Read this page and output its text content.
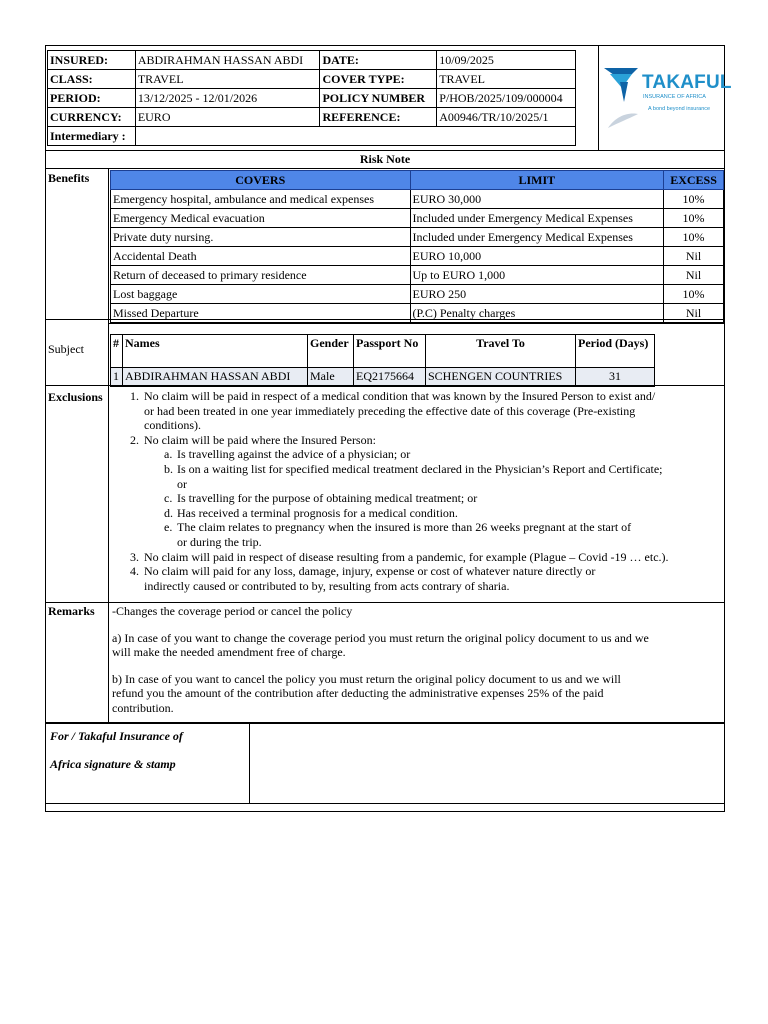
INSURED:	ABDIRAHMAN HASSAN ABDI	DATE:	10/09/2025
CLASS:	TRAVEL	COVER TYPE:	TRAVEL
PERIOD:	13/12/2025 - 12/01/2026	POLICY NUMBER	P/HOB/2025/109/000004
CURRENCY:	EURO	REFERENCE:	A00946/TR/10/2025/1
Intermediary :			
TAKAFUL
INSURANCE OF AFRICA
A bond beyond insurance
Risk Note
Benefits	COVERS	LIMIT	EXCESS
Emergency hospital, ambulance and medical expenses	EURO 30,000	10%
Emergency Medical evacuation	Included under Emergency Medical Expenses	10%
Private duty nursing.	Included under Emergency Medical Expenses	10%
Accidental Death	EURO 10,000	Nil
Return of deceased to primary residence	Up to EURO 1,000	Nil
Lost baggage	EURO 250	10%
Missed Departure	(P.C) Penalty charges	Nil
Subject #	Names	Gender	Passport No	Travel To	Period (Days)
1	ABDIRAHMAN HASSAN ABDI	Male	EQ2175664	SCHENGEN COUNTRIES	31
Exclusions 1. No claim will be paid in respect of a medical condition that was known by the Insured Person to exist and/
or had been treated in one year immediately preceding the effective date of this coverage (Pre-existing
conditions).
2. No claim will be paid where the Insured Person:
a. Is travelling against the advice of a physician; or
b. Is on a waiting list for specified medical treatment declared in the Physician’s Report and Certificate;
or
c. Is travelling for the purpose of obtaining medical treatment; or
d. Has received a terminal prognosis for a medical condition.
e. The claim relates to pregnancy when the insured is more than 26 weeks pregnant at the start of
or during the trip.
3. No claim will paid in respect of disease resulting from a pandemic, for example (Plague – Covid -19 … etc.).
4. No claim will paid for any loss, damage, injury, expense or cost of whatever nature directly or
indirectly caused or contributed to by, resulting from acts contrary of sharia.
Remarks -Changes the coverage period or cancel the policy

a) In case of you want to change the coverage period you must return the original policy document to us and we

will make the needed amendment free of charge.

b) In case of you want to cancel the policy you must return the original policy document to us and we will

refund you the amount of the contribution after deducting the administrative expenses 25% of the paid

contribution.

For / Takaful Insurance of
Africa signature & stamp
